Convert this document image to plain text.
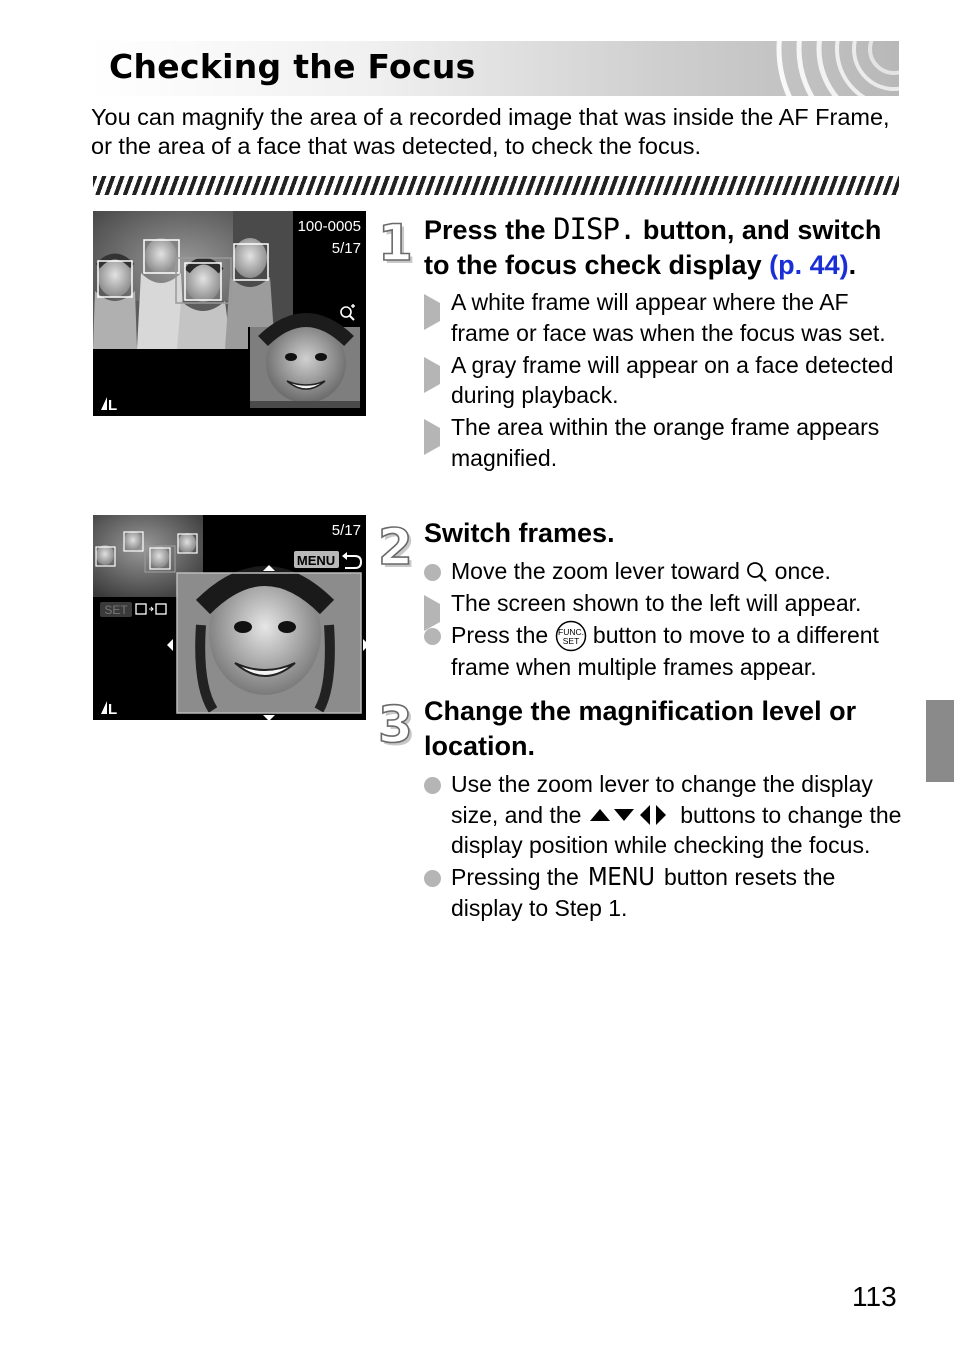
Checking the Focus

You can magnify the area of a recorded image that was inside the AF Frame, or the area of a face that was detected, to check the focus.

L
100-0005
5/17
SET
MENU
5/17
L
1 Press the DISP. button, and switch to the focus check display (p. 44).
A white frame will appear where the AF frame or face was when the focus was set.
A gray frame will appear on a face detected during playback.
The area within the orange frame appears magnified.
2 Switch frames.
Move the zoom lever toward  once.
The screen shown to the left will appear.
Press the FUNC.
SET button to move to a different frame when multiple frames appear.
3 Change the magnification level or location.
Use the zoom lever to change the display size, and the	buttons to change the display position while checking the focus.
Pressing the MENU button resets the display to Step 1.
113
